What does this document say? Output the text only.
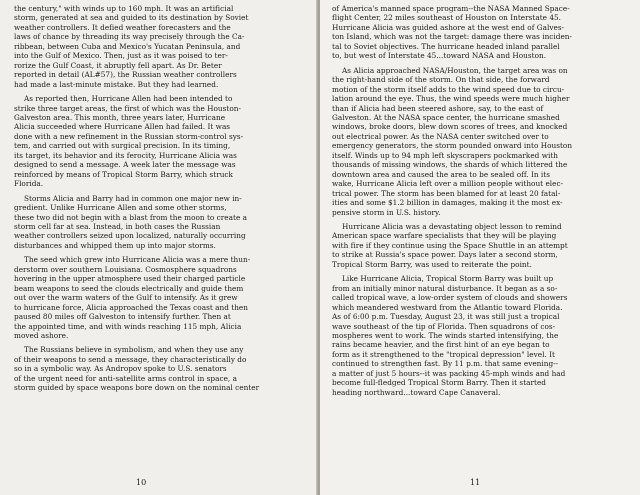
the century," with winds up to 160 mph. It was an artificial
storm, generated at sea and guided to its destination by Soviet
weather controllers. It defied weather forecasters and the
laws of chance by threading its way precisely through the Ca-
ribbean, between Cuba and Mexico's Yucatan Peninsula, and
into the Gulf of Mexico. Then, just as it was poised to ter-
rorize the Gulf Coast, it abruptly fell apart. As Dr. Beter
reported in detail (AL#57), the Russian weather controllers
had made a last-minute mistake. But they had learned.

As reported then, Hurricane Allen had been intended to
strike three target areas, the first of which was the Houston-
Galveston area. This month, three years later, Hurricane
Alicia succeeded where Hurricane Allen had failed. It was
done with a new refinement in the Russian storm-control sys-
tem, and carried out with surgical precision. In its timing,
its target, its behavior and its ferocity, Hurricane Alicia was
designed to send a message. A week later the message was
reinforced by means of Tropical Storm Barry, which struck
Florida.

Storms Alicia and Barry had in common one major new in-
gredient. Unlike Hurricane Allen and some other storms,
these two did not begin with a blast from the moon to create a
storm cell far at sea. Instead, in both cases the Russian
weather controllers seized upon localized, naturally occurring
disturbances and whipped them up into major storms.

The seed which grew into Hurricane Alicia was a mere thun-
derstorm over southern Louisiana. Cosmosphere squadrons
hovering in the upper atmosphere used their charged particle
beam weapons to seed the clouds electrically and guide them
out over the warm waters of the Gulf to intensify. As it grew
to hurricane force, Alicia approached the Texas coast and then
paused 80 miles off Galveston to intensify further. Then at
the appointed time, and with winds reaching 115 mph, Alicia
moved ashore.

The Russians believe in symbolism, and when they use any
of their weapons to send a message, they characteristically do
so in a symbolic way. As Andropov spoke to U.S. senators
of the urgent need for anti-satellite arms control in space, a
storm guided by space weapons bore down on the nominal center

10

of America's manned space program--the NASA Manned Space-
flight Center, 22 miles southeast of Houston on Interstate 45.
Hurricane Alicia was guided ashore at the west end of Galves-
ton Island, which was not the target: damage there was inciden-
tal to Soviet objectives. The hurricane headed inland parallel
to, but west of Interstate 45...toward NASA and Houston.

As Alicia approached NASA/Houston, the target area was on
the right-hand side of the storm. On that side, the forward
motion of the storm itself adds to the wind speed due to circu-
lation around the eye. Thus, the wind speeds were much higher
than if Alicia had been steered ashore, say, to the east of
Galveston. At the NASA space center, the hurricane smashed
windows, broke doors, blew down scores of trees, and knocked
out electrical power. As the NASA center switched over to
emergency generators, the storm pounded onward into Houston
itself. Winds up to 94 mph left skyscrapers pockmarked with
thousands of missing windows, the shards of which littered the
downtown area and caused the area to be sealed off. In its
wake, Hurricane Alicia left over a million people without elec-
trical power. The storm has been blamed for at least 20 fatal-
ities and some $1.2 billion in damages, making it the most ex-
pensive storm in U.S. history.

Hurricane Alicia was a devastating object lesson to remind
American space warfare specialists that they will be playing
with fire if they continue using the Space Shuttle in an attempt
to strike at Russia's space power. Days later a second storm,
Tropical Storm Barry, was used to reiterate the point.

Like Hurricane Alicia, Tropical Storm Barry was built up
from an initially minor natural disturbance. It began as a so-
called tropical wave, a low-order system of clouds and showers
which meandered westward from the Atlantic toward Florida.
As of 6:00 p.m. Tuesday, August 23, it was still just a tropical
wave southeast of the tip of Florida. Then squadrons of cos-
mospheres went to work. The winds started intensifying, the
rains became heavier, and the first hint of an eye began to
form as it strengthened to the "tropical depression" level. It
continued to strengthen fast. By 11 p.m. that same evening--
a matter of just 5 hours--it was packing 45-mph winds and had
become full-fledged Tropical Storm Barry. Then it started
heading northward...toward Cape Canaveral.

11
